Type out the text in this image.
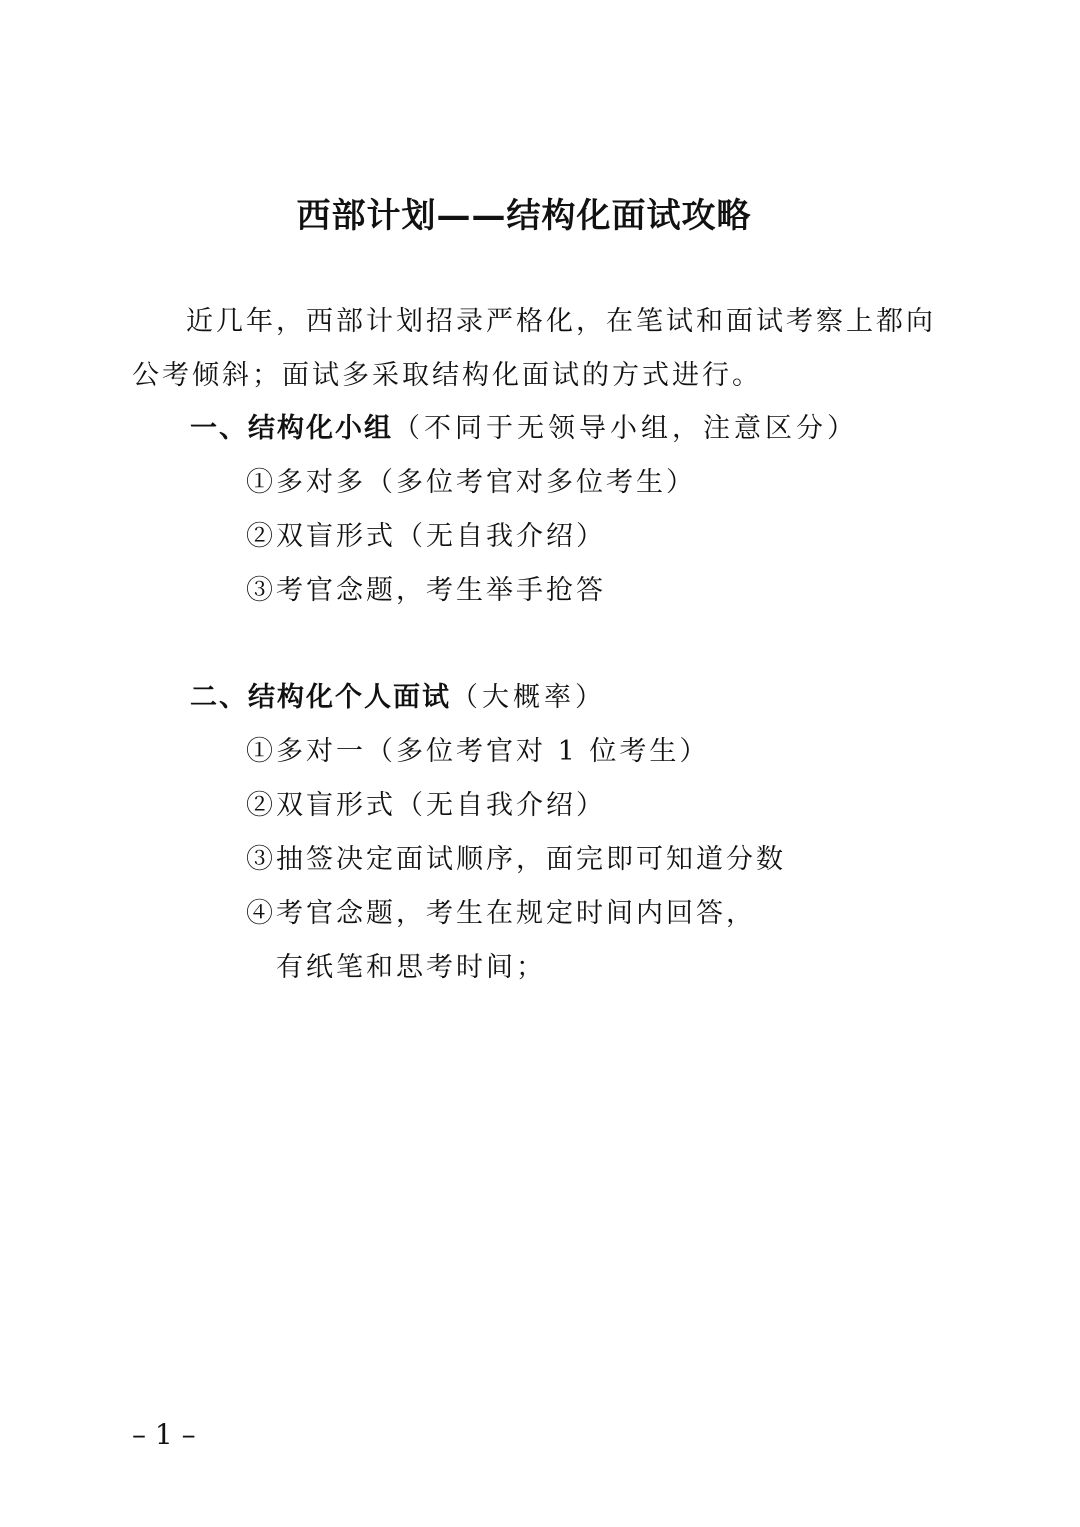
西部计划——结构化面试攻略
近几年，西部计划招录严格化，在笔试和面试考察上都向
公考倾斜；面试多采取结构化面试的方式进行。
一、结构化小组（不同于无领导小组，注意区分）
①多对多（多位考官对多位考生）
②双盲形式（无自我介绍）
③考官念题，考生举手抢答
二、结构化个人面试（大概率）
①多对一（多位考官对 1 位考生）
②双盲形式（无自我介绍）
③抽签决定面试顺序，面完即可知道分数
④考官念题，考生在规定时间内回答，
有纸笔和思考时间；
– 1 –
